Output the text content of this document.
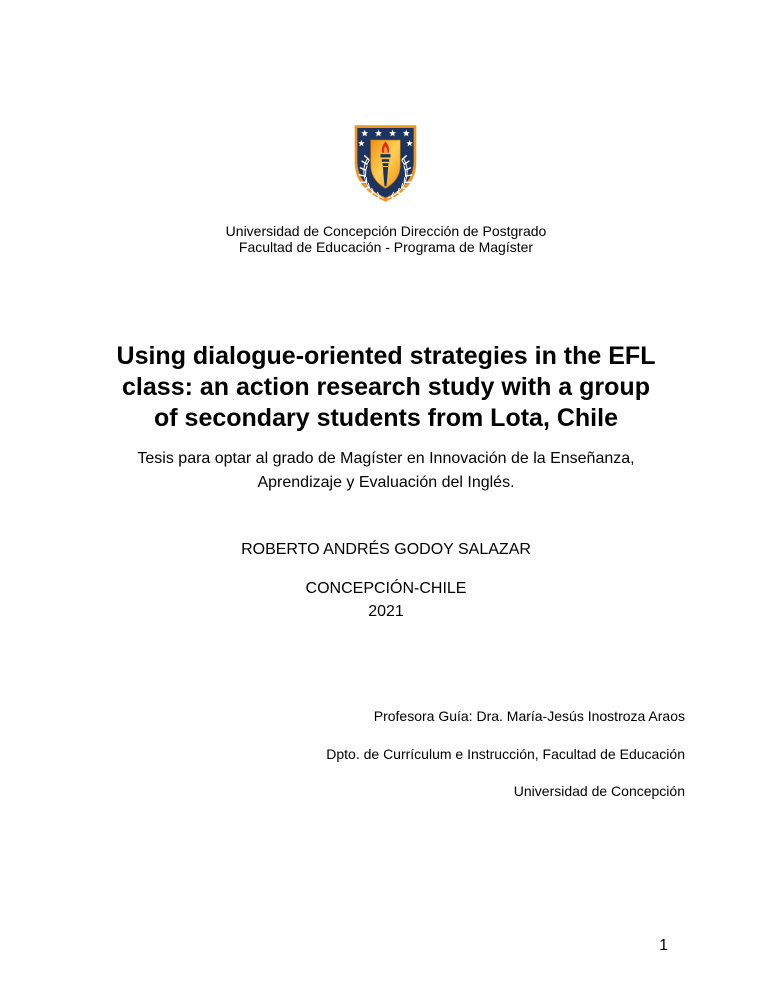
Universidad de Concepción Dirección de Postgrado
Facultad de Educación - Programa de Magíster
Using dialogue-oriented strategies in the EFL
class: an action research study with a group
of secondary students from Lota, Chile
Tesis para optar al grado de Magíster en Innovación de la Enseñanza,
Aprendizaje y Evaluación del Inglés.
ROBERTO ANDRÉS GODOY SALAZAR
CONCEPCIÓN-CHILE
2021
Profesora Guía: Dra. María-Jesús Inostroza Araos
Dpto. de Currículum e Instrucción, Facultad de Educación
Universidad de Concepción
1
